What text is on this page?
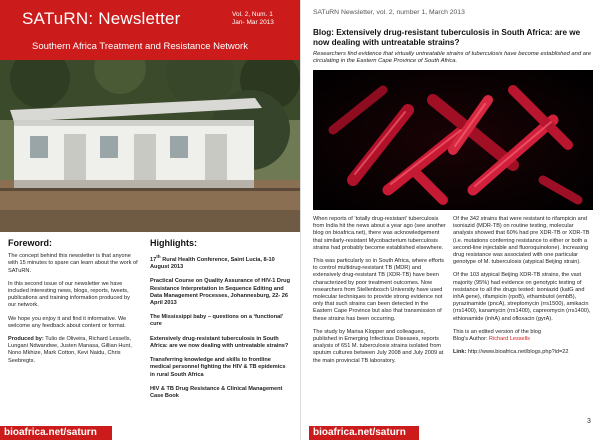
SATuRN: Newsletter	Vol. 2, Num. 1
Jan- Mar 2013
Southern Africa Treatment and Resistance Network
Foreword:

The concept behind this newsletter is that anyone with 15 minutes to spare can learn about the work of SATuRN.

In this second issue of our newsletter we have included interesting news, blogs, reports, tweets, publications and training information produced by our network.

We hope you enjoy it and find it informative. We welcome any feedback about content or format.

Produced by: Tulio de Oliveira, Richard Lessells, Lungani Ndwandwe, Justen Manasa, Gillian Hunt, Nono Mkhize, Mark Cotton, Kevi Naidu, Chris Seebregts.

Highlights:
17th Rural Health Conference, Saint Lucia, 8-10 August 2013
Practical Course on Quality Assurance of HIV-1 Drug Resistance Interpretation in Sequence Editing and Data Management Processes, Johannesburg, 22- 26 April 2013
The Mississippi baby – questions on a ‘functional’ cure
Extensively drug-resistant tuberculosis in South Africa: are we now dealing with untreatable strains?
Transferring knowledge and skills to frontline medical personnel fighting the HIV & TB epidemics in rural South Africa
HIV & TB Drug Resistance & Clinical Management Case Book
bioafrica.net/saturn
SATuRN Newsletter, vol. 2, number 1, March 2013
Blog: Extensively drug-resistant tuberculosis in South Africa: are we now dealing with untreatable strains?
Researchers find evidence that virtually untreatable strains of tuberculosis have become established and are circulating in the Eastern Cape Province of South Africa.

When reports of ‘totally drug-resistant’ tuberculosis from India hit the news about a year ago (see another blog on bioafrica.net), there was acknowledgement that similarly-resistant Mycobacterium tuberculosis strains had probably become established elsewhere.

This was particularly so in South Africa, where efforts to control multidrug-resistant TB (MDR) and extensively drug-resistant TB (XDR-TB) have been characterized by poor treatment outcomes. Now researchers from Stellenbosch University have used molecular techniques to provide strong evidence not only that such strains can been detected in the Eastern Cape Province but also that transmission of these strains has been occurring.

The study by Marisa Klopper and colleagues, published in Emerging Infectious Diseases, reports analysis of 651 M. tuberculosis strains isolated from sputum cultures between July 2008 and July 2009 at the main provincial TB laboratory.

Of the 342 strains that were resistant to rifampicin and isoniazid (MDR-TB) on routine testing, molecular analysis showed that 60% had pre XDR-TB or XDR-TB (i.e. mutations conferring resistance to either or both a second-line injectable and fluoroquinolone). Increasing drug resistance was associated with one particular genotype of M. tuberculosis (atypical Beijing strain).

Of the 103 atypical Beijing XDR-TB strains, the vast majority (95%) had evidence on genotypic testing of resistance to all the drugs tested: isoniazid (katG and inhA gene), rifampicin (rpoB), ethambutol (embB), pyrazinamide (pncA), streptomycin (rrs1500), amikacin (rrs1400), kanamycin (rrs1400), capreomycin (rrs1400), ethionamide (inhA) and ofloxacin (gyrA).

This is an edited version of the blog
Blog's Author: Richard Lessells

Link: http://www.bioafrica.net/blogs.php?id=22

bioafrica.net/saturn
3
